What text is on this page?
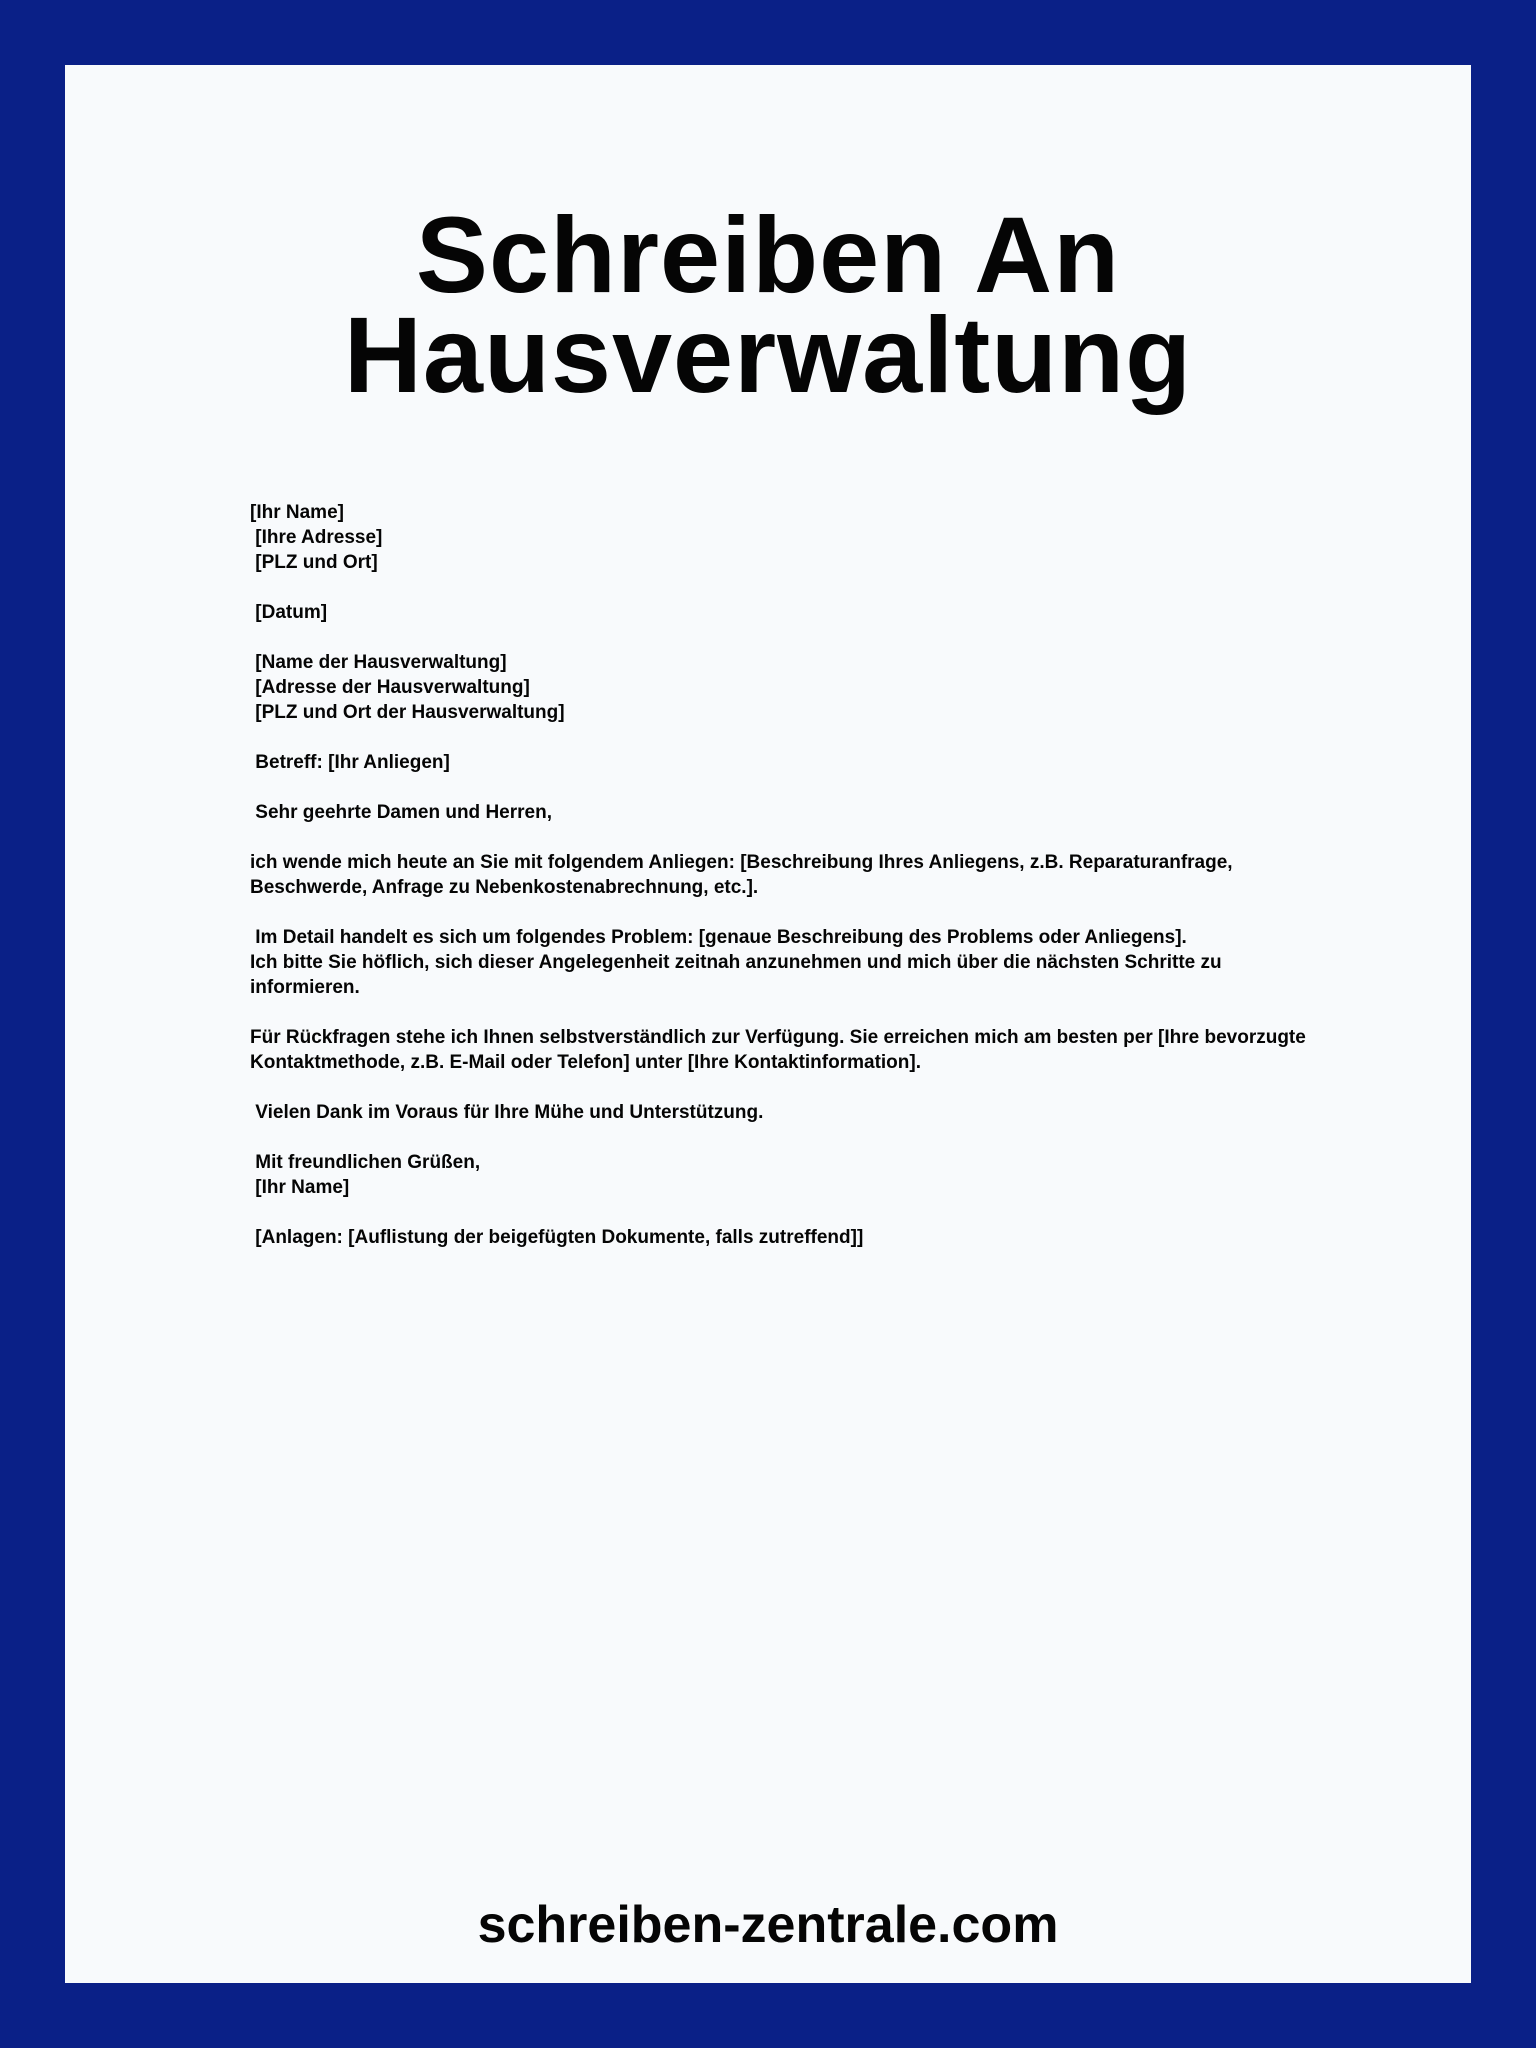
Schreiben An
Hausverwaltung
[Ihr Name]
[Ihre Adresse]
[PLZ und Ort]
[Datum]
[Name der Hausverwaltung]
[Adresse der Hausverwaltung]
[PLZ und Ort der Hausverwaltung]
Betreff: [Ihr Anliegen]
Sehr geehrte Damen und Herren,
ich wende mich heute an Sie mit folgendem Anliegen: [Beschreibung Ihres Anliegens, z.B. Reparaturanfrage, Beschwerde, Anfrage zu Nebenkostenabrechnung, etc.].
Im Detail handelt es sich um folgendes Problem: [genaue Beschreibung des Problems oder Anliegens].
Ich bitte Sie höflich, sich dieser Angelegenheit zeitnah anzunehmen und mich über die nächsten Schritte zu informieren.
Für Rückfragen stehe ich Ihnen selbstverständlich zur Verfügung. Sie erreichen mich am besten per [Ihre bevorzugte Kontaktmethode, z.B. E-Mail oder Telefon] unter [Ihre Kontaktinformation].
Vielen Dank im Voraus für Ihre Mühe und Unterstützung.
Mit freundlichen Grüßen,
[Ihr Name]
[Anlagen: [Auflistung der beigefügten Dokumente, falls zutreffend]]
schreiben-zentrale.com
